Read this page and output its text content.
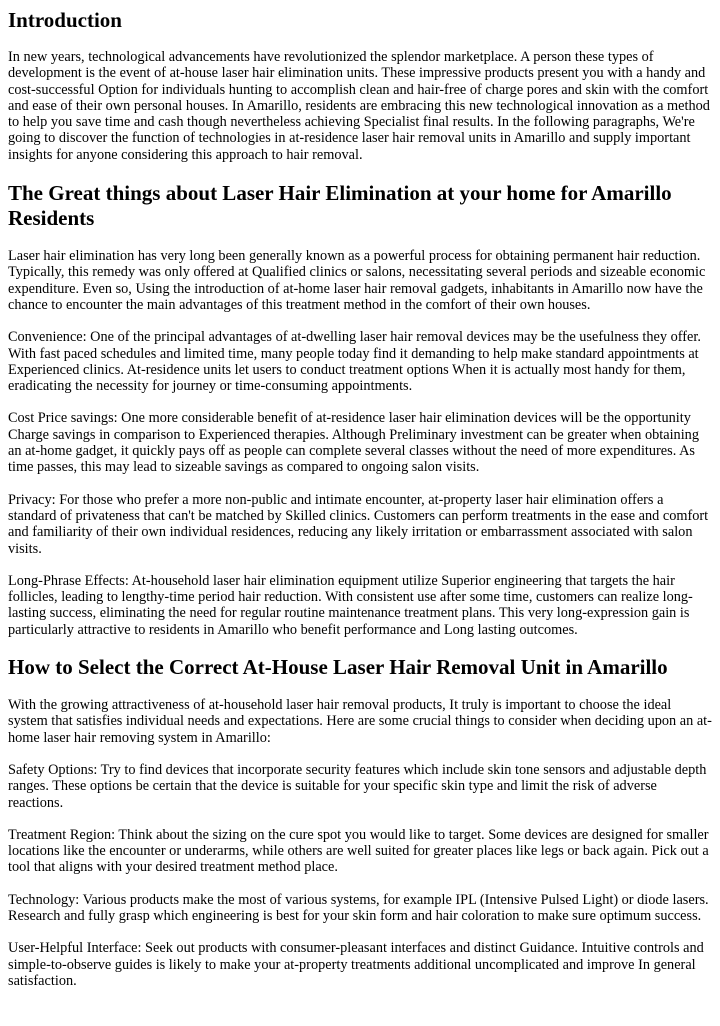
Introduction

In new years, technological advancements have revolutionized the splendor marketplace. A person these types of development is the event of at-house laser hair elimination units. These impressive products present you with a handy and cost-successful Option for individuals hunting to accomplish clean and hair-free of charge pores and skin with the comfort and ease of their own personal houses. In Amarillo, residents are embracing this new technological innovation as a method to help you save time and cash though nevertheless achieving Specialist final results. In the following paragraphs, We're going to discover the function of technologies in at-residence laser hair removal units in Amarillo and supply important insights for anyone considering this approach to hair removal.

The Great things about Laser Hair Elimination at your home for Amarillo Residents

Laser hair elimination has very long been generally known as a powerful process for obtaining permanent hair reduction. Typically, this remedy was only offered at Qualified clinics or salons, necessitating several periods and sizeable economic expenditure. Even so, Using the introduction of at-home laser hair removal gadgets, inhabitants in Amarillo now have the chance to encounter the main advantages of this treatment method in the comfort of their own houses.

Convenience: One of the principal advantages of at-dwelling laser hair removal devices may be the usefulness they offer. With fast paced schedules and limited time, many people today find it demanding to help make standard appointments at Experienced clinics. At-residence units let users to conduct treatment options When it is actually most handy for them, eradicating the necessity for journey or time-consuming appointments.

Cost Price savings: One more considerable benefit of at-residence laser hair elimination devices will be the opportunity Charge savings in comparison to Experienced therapies. Although Preliminary investment can be greater when obtaining an at-home gadget, it quickly pays off as people can complete several classes without the need of more expenditures. As time passes, this may lead to sizeable savings as compared to ongoing salon visits.

Privacy: For those who prefer a more non-public and intimate encounter, at-property laser hair elimination offers a standard of privateness that can't be matched by Skilled clinics. Customers can perform treatments in the ease and comfort and familiarity of their own individual residences, reducing any likely irritation or embarrassment associated with salon visits.

Long-Phrase Effects: At-household laser hair elimination equipment utilize Superior engineering that targets the hair follicles, leading to lengthy-time period hair reduction. With consistent use after some time, customers can realize long-lasting success, eliminating the need for regular routine maintenance treatment plans. This very long-expression gain is particularly attractive to residents in Amarillo who benefit performance and Long lasting outcomes.

How to Select the Correct At-House Laser Hair Removal Unit in Amarillo

With the growing attractiveness of at-household laser hair removal products, It truly is important to choose the ideal system that satisfies individual needs and expectations. Here are some crucial things to consider when deciding upon an at-home laser hair removing system in Amarillo:

Safety Options: Try to find devices that incorporate security features which include skin tone sensors and adjustable depth ranges. These options be certain that the device is suitable for your specific skin type and limit the risk of adverse reactions.

Treatment Region: Think about the sizing on the cure spot you would like to target. Some devices are designed for smaller locations like the encounter or underarms, while others are well suited for greater places like legs or back again. Pick out a tool that aligns with your desired treatment method place.

Technology: Various products make the most of various systems, for example IPL (Intensive Pulsed Light) or diode lasers. Research and fully grasp which engineering is best for your skin form and hair coloration to make sure optimum success.

User-Helpful Interface: Seek out products with consumer-pleasant interfaces and distinct Guidance. Intuitive controls and simple-to-observe guides is likely to make your at-property treatments additional uncomplicated and improve In general satisfaction.
